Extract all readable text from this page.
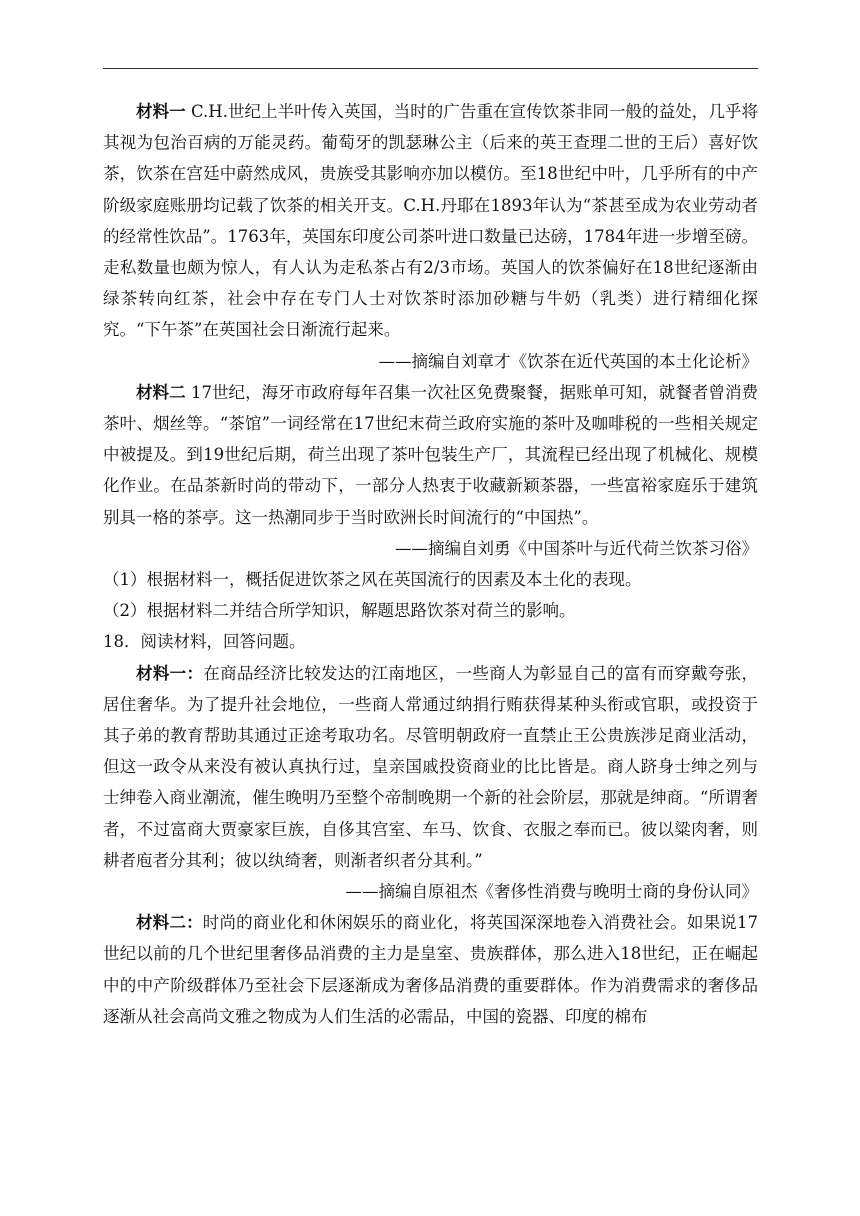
材料一 C.H.世纪上半叶传入英国，当时的广告重在宣传饮茶非同一般的益处，几乎将其视为包治百病的万能灵药。葡萄牙的凯瑟琳公主（后来的英王查理二世的王后）喜好饮茶，饮茶在宫廷中蔚然成风，贵族受其影响亦加以模仿。至18世纪中叶，几乎所有的中产阶级家庭账册均记载了饮茶的相关开支。C.H.丹耶在1893年认为“茶甚至成为农业劳动者的经常性饮品”。1763年，英国东印度公司茶叶进口数量已达磅，1784年进一步增至磅。走私数量也颇为惊人，有人认为走私茶占有2/3市场。英国人的饮茶偏好在18世纪逐渐由绿茶转向红茶，社会中存在专门人士对饮茶时添加砂糖与牛奶（乳类）进行精细化探究。“下午茶”在英国社会日渐流行起来。

——摘编自刘章才《饮茶在近代英国的本土化论析》

材料二 17世纪，海牙市政府每年召集一次社区免费聚餐，据账单可知，就餐者曾消费茶叶、烟丝等。“茶馆”一词经常在17世纪末荷兰政府实施的茶叶及咖啡税的一些相关规定中被提及。到19世纪后期，荷兰出现了茶叶包装生产厂，其流程已经出现了机械化、规模化作业。在品茶新时尚的带动下，一部分人热衷于收藏新颖茶器，一些富裕家庭乐于建筑别具一格的茶亭。这一热潮同步于当时欧洲长时间流行的“中国热”。

——摘编自刘勇《中国茶叶与近代荷兰饮茶习俗》

（1）根据材料一，概括促进饮茶之风在英国流行的因素及本土化的表现。

（2）根据材料二并结合所学知识，解题思路饮茶对荷兰的影响。

18．阅读材料，回答问题。

材料一：在商品经济比较发达的江南地区，一些商人为彰显自己的富有而穿戴夸张，居住奢华。为了提升社会地位，一些商人常通过纳捐行贿获得某种头衔或官职，或投资于其子弟的教育帮助其通过正途考取功名。尽管明朝政府一直禁止王公贵族涉足商业活动，但这一政令从来没有被认真执行过，皇亲国戚投资商业的比比皆是。商人跻身士绅之列与士绅卷入商业潮流，催生晚明乃至整个帝制晚期一个新的社会阶层，那就是绅商。“所谓奢者，不过富商大贾豪家巨族，自侈其宫室、车马、饮食、衣服之奉而已。彼以粱肉奢，则耕者庖者分其利；彼以纨绮奢，则渐者织者分其利。”

——摘编自原祖杰《奢侈性消费与晚明士商的身份认同》

材料二：时尚的商业化和休闲娱乐的商业化，将英国深深地卷入消费社会。如果说17世纪以前的几个世纪里奢侈品消费的主力是皇室、贵族群体，那么进入18世纪，正在崛起中的中产阶级群体乃至社会下层逐渐成为奢侈品消费的重要群体。作为消费需求的奢侈品逐渐从社会高尚文雅之物成为人们生活的必需品，中国的瓷器、印度的棉布
